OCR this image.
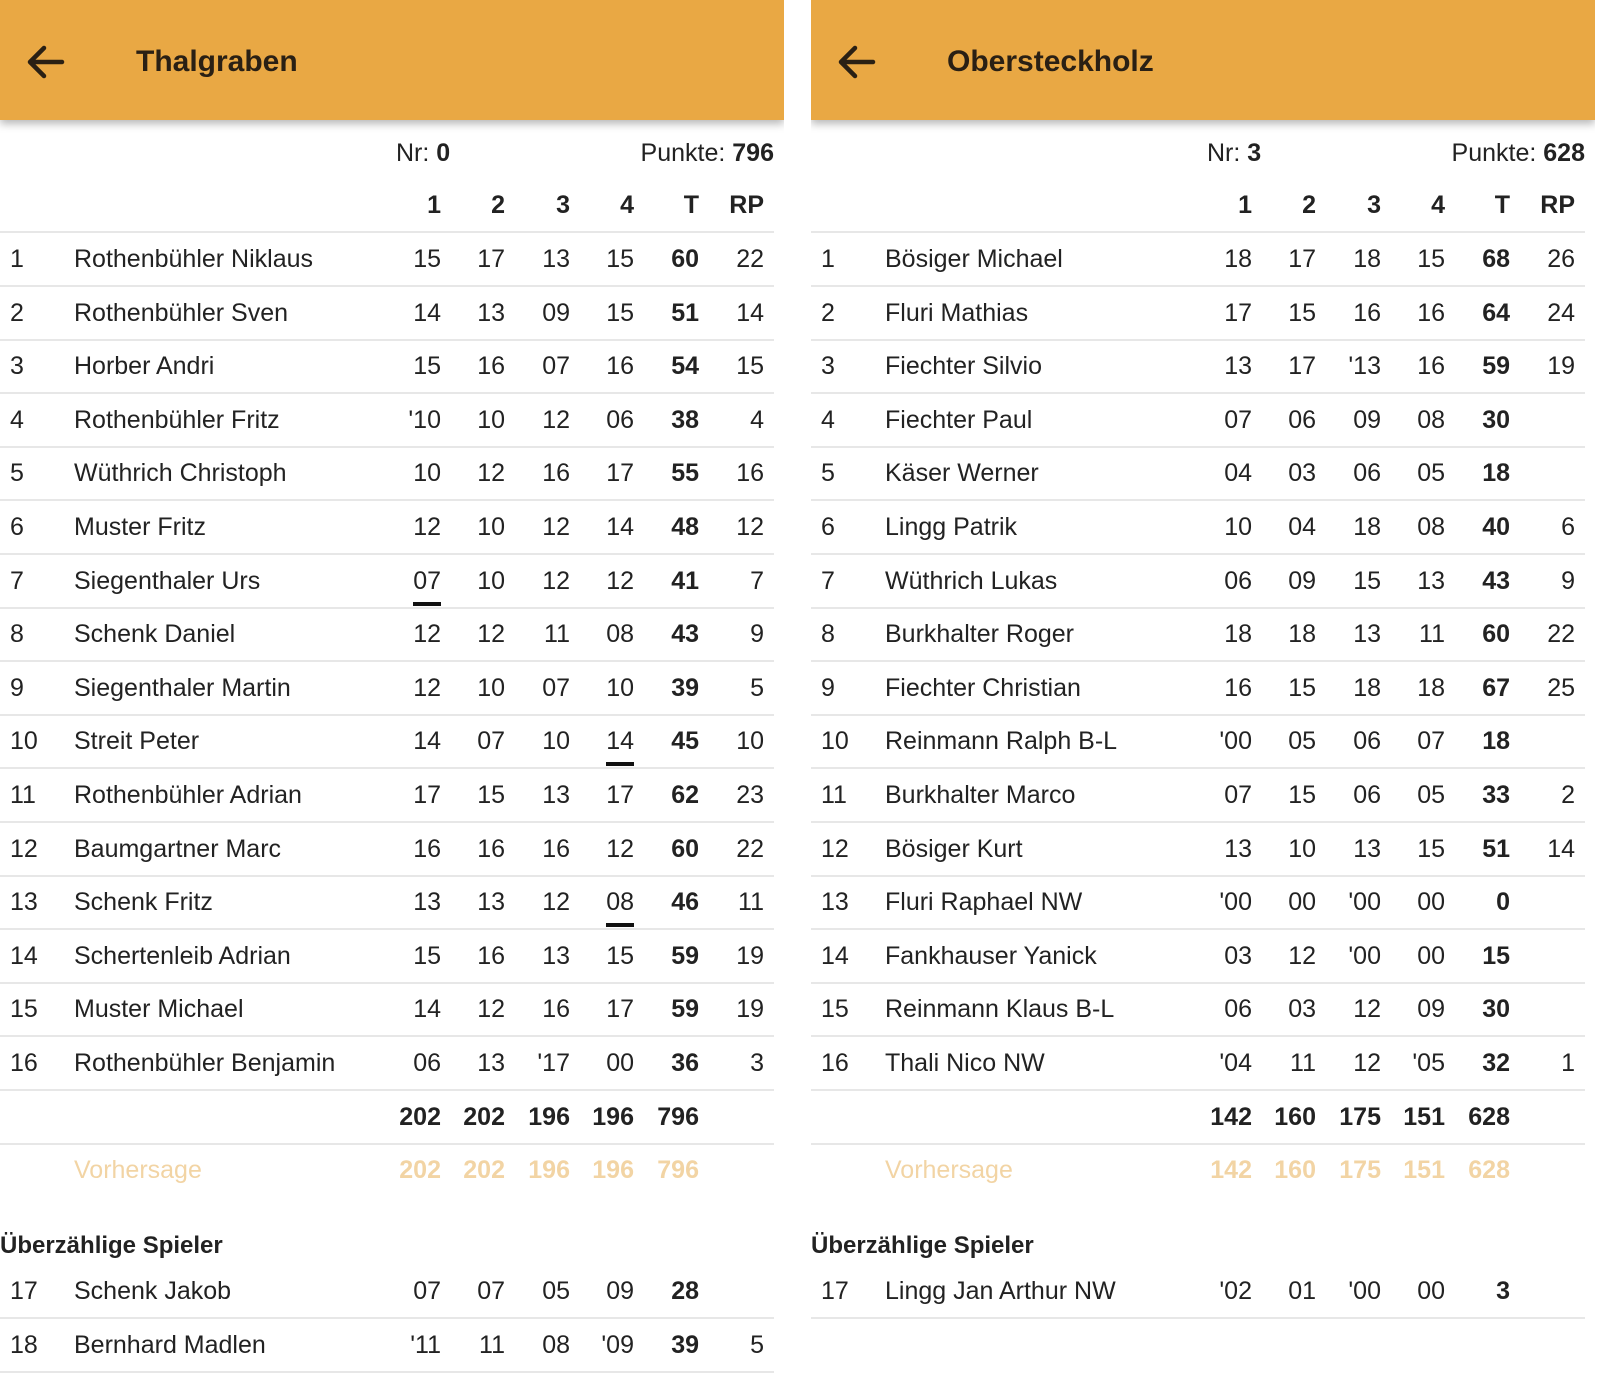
Thalgraben
Nr: 0	Punkte: 796
1	2	3	4	T	RP
1 Rothenbühler Niklaus	15	17	13	15	60	22
2 Rothenbühler Sven	14	13	09	15	51	14
3 Horber Andri	15	16	07	16	54	15
4 Rothenbühler Fritz	'10	10	12	06	38	4
5 Wüthrich Christoph	10	12	16	17	55	16
6 Muster Fritz	12	10	12	14	48	12
7 Siegenthaler Urs	07	10	12	12	41	7
8 Schenk Daniel	12	12	11	08	43	9
9 Siegenthaler Martin	12	10	07	10	39	5
10 Streit Peter	14	07	10	14	45	10
11 Rothenbühler Adrian	17	15	13	17	62	23
12 Baumgartner Marc	16	16	16	12	60	22
13 Schenk Fritz	13	13	12	08	46	11
14 Schertenleib Adrian	15	16	13	15	59	19
15 Muster Michael	14	12	16	17	59	19
16 Rothenbühler Benjamin	06	13	'17	00	36	3
202 202 196 196 796
Vorhersage	202 202 196 196 796
Überzählige Spieler
17 Schenk Jakob	07	07	05	09	28
18 Bernhard Madlen	'11	11	08	'09	39	5
Obersteckholz
Nr: 3	Punkte: 628
1	2	3	4	T	RP
1 Bösiger Michael	18	17	18	15	68	26
2 Fluri Mathias	17	15	16	16	64	24
3 Fiechter Silvio	13	17	'13	16	59	19
4 Fiechter Paul	07	06	09	08	30
5 Käser Werner	04	03	06	05	18
6 Lingg Patrik	10	04	18	08	40	6
7 Wüthrich Lukas	06	09	15	13	43	9
8 Burkhalter Roger	18	18	13	11	60	22
9 Fiechter Christian	16	15	18	18	67	25
10 Reinmann Ralph B-L	'00	05	06	07	18
11 Burkhalter Marco	07	15	06	05	33	2
12 Bösiger Kurt	13	10	13	15	51	14
13 Fluri Raphael NW	'00	00	'00	00	0
14 Fankhauser Yanick	03	12	'00	00	15
15 Reinmann Klaus B-L	06	03	12	09	30
16 Thali Nico NW	'04	11	12	'05	32	1
142 160 175 151 628
Vorhersage	142 160 175 151 628
Überzählige Spieler
17 Lingg Jan Arthur NW	'02	01	'00	00	3
